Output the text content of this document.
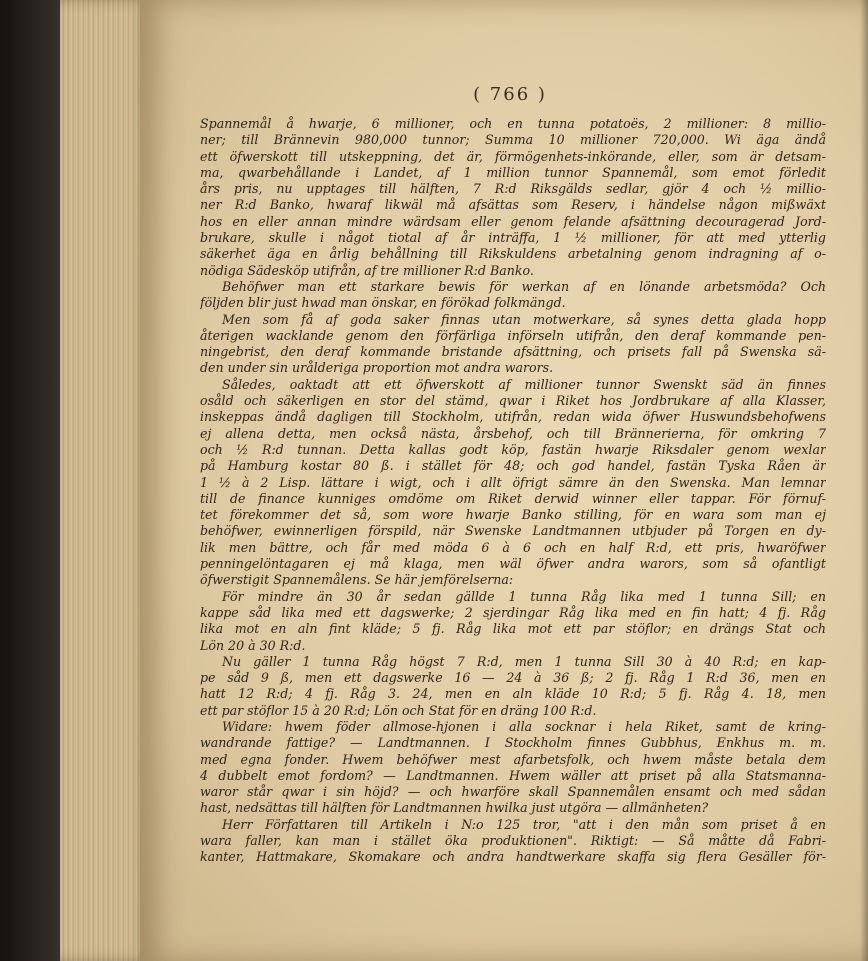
( 766 )
Spannemål å hwarje, 6 millioner, och en tunna potatoës, 2 millioner: 8 millio-
ner; till Brännevin 980,000 tunnor; Summa 10 millioner 720,000. Wi äga ändå
ett öfwerskott till utskeppning, det är, förmögenhets-inkörande, eller, som är detsam-
ma, qwarbehållande i Landet, af 1 million tunnor Spannemål, som emot förledit
års pris, nu upptages till hälften, 7 R:d Riksgälds sedlar, gjör 4 och ½ millio-
ner R:d Banko, hwaraf likwäl må afsättas som Reserv, i händelse någon mißwäxt
hos en eller annan mindre wärdsam eller genom felande afsättning decouragerad Jord-
brukare, skulle i något tiotal af år inträffa, 1 ½ millioner, för att med ytterlig
säkerhet äga en årlig behållning till Rikskuldens arbetalning genom indragning af o-
nödiga Sädesköp utifrån, af tre millioner R:d Banko.
Behöfwer man ett starkare bewis för werkan af en lönande arbetsmöda? Och
följden blir just hwad man önskar, en förökad folkmängd.
Men som få af goda saker finnas utan motwerkare, så synes detta glada hopp
återigen wacklande genom den förfärliga införseln utifrån, den deraf kommande pen-
ningebrist, den deraf kommande bristande afsättning, och prisets fall på Swenska sä-
den under sin urålderiga proportion mot andra warors.
Således, oaktadt att ett öfwerskott af millioner tunnor Swenskt säd än finnes
osåld och säkerligen en stor del stämd, qwar i Riket hos Jordbrukare af alla Klasser,
inskeppas ändå dagligen till Stockholm, utifrån, redan wida öfwer Huswundsbehofwens
ej allena detta, men också nästa, årsbehof, och till Brännerierna, för omkring 7
och ½ R:d tunnan. Detta kallas godt köp, fastän hwarje Riksdaler genom wexlar
på Hamburg kostar 80 ß. i stället för 48; och god handel, fastän Tyska Råen är
1 ½ à 2 Lisp. lättare i wigt, och i allt öfrigt sämre än den Swenska. Man lemnar
till de finance kunniges omdöme om Riket derwid winner eller tappar. För förnuf-
tet förekommer det så, som wore hwarje Banko stilling, för en wara som man ej
behöfwer, ewinnerligen förspild, när Swenske Landtmannen utbjuder på Torgen en dy-
lik men bättre, och får med möda 6 à 6 och en half R:d, ett pris, hwaröfwer
penningelöntagaren ej må klaga, men wäl öfwer andra warors, som så ofantligt
öfwerstigit Spannemålens. Se här jemförelserna:
För mindre än 30 år sedan gällde 1 tunna Råg lika med 1 tunna Sill; en
kappe såd lika med ett dagswerke; 2 sjerdingar Råg lika med en fin hatt; 4 fj. Råg
lika mot en aln fint kläde; 5 fj. Råg lika mot ett par stöflor; en drängs Stat och
Lön 20 à 30 R:d.
Nu gäller 1 tunna Råg högst 7 R:d, men 1 tunna Sill 30 à 40 R:d; en kap-
pe såd 9 ß, men ett dagswerke 16 — 24 à 36 ß; 2 fj. Råg 1 R:d 36, men en
hatt 12 R:d; 4 fj. Råg 3. 24, men en aln kläde 10 R:d; 5 fj. Råg 4. 18, men
ett par stöflor 15 à 20 R:d; Lön och Stat för en dräng 100 R:d.
Widare: hwem föder allmose-hjonen i alla socknar i hela Riket, samt de kring-
wandrande fattige? — Landtmannen. I Stockholm finnes Gubbhus, Enkhus m. m.
med egna fonder. Hwem behöfwer mest afarbetsfolk, och hwem måste betala dem
4 dubbelt emot fordom? — Landtmannen. Hwem wäller att priset på alla Statsmanna-
waror står qwar i sin höjd? — och hwarföre skall Spannemålen ensamt och med sådan
hast, nedsättas till hälften för Landtmannen hwilka just utgöra — allmänheten?
Herr Författaren till Artikeln i N:o 125 tror, "att i den mån som priset å en
wara faller, kan man i stället öka produktionen". Riktigt: — Så måtte då Fabri-
kanter, Hattmakare, Skomakare och andra handtwerkare skaffa sig flera Gesäller för-
